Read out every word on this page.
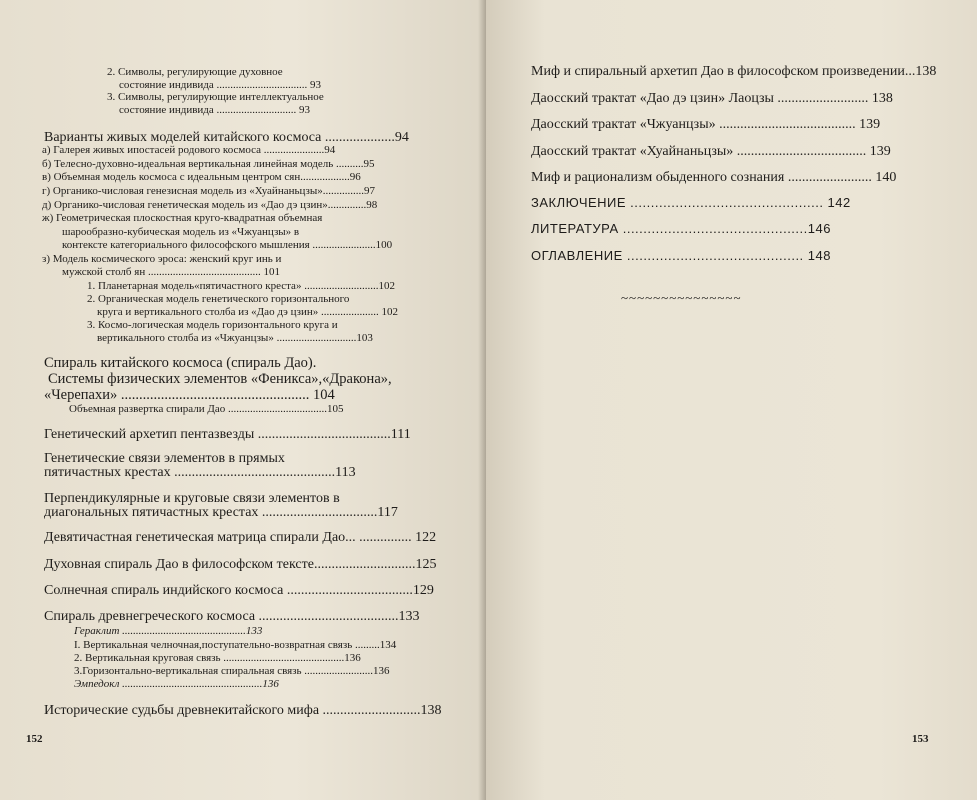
2. Символы, регулирующие духовное
состояние индивида ................................. 93
3. Символы, регулирующие интеллектуальное
состояние индивида ............................. 93
Варианты живых моделей китайского космоса ....................94
а) Галерея живых ипостасей родового космоса ......................94
б) Телесно-духовно-идеальная вертикальная линейная модель ..........95
в) Объемная модель космоса с идеальным центром сян..................96
г) Органико-числовая генезисная модель из «Хуайнаньцзы»...............97
д) Органико-числовая генетическая модель из «Дао дэ цзин»..............98
ж) Геометрическая плоскостная круго-квадратная объемная
шарообразно-кубическая модель из «Чжуанцзы» в
контексте категориального философского мышления .......................100
з) Модель космического эроса: женский круг инь и
мужской столб ян ......................................... 101
1. Планетарная модель«пятичастного креста» ...........................102
2. Органическая модель генетического горизонтального
круга и вертикального столба из «Дао дэ цзин» ..................... 102
3. Космо-логическая модель горизонтального круга и
вертикального столба из «Чжуанцзы» .............................103
Спираль китайского космоса (спираль Дао).
Системы физических элементов «Феникса»,«Дракона»,
«Черепахи» .................................................... 104
Объемная развертка спирали Дао ....................................105
Генетический архетип пентазвезды ......................................111
Генетические связи элементов в прямых
пятичастных крестах ..............................................113
Перпендикулярные и круговые связи элементов в
диагональных пятичастных крестах .................................117
Девятичастная генетическая матрица спирали Дао... ............... 122
Духовная спираль Дао в философском тексте.............................125
Солнечная спираль индийского космоса ....................................129
Спираль древнегреческого космоса ........................................133
Гераклит .............................................133
I. Вертикальная челночная,поступательно-возвратная связь .........134
2. Вертикальная круговая связь ............................................136
3.Горизонтально-вертикальная спиральная связь .........................136
Эмпедокл ...................................................136
Исторические судьбы древнекитайского мифа ............................138
152
Миф и спиральный архетип Дао в философском произведении...138
Даосский трактат «Дао дэ цзин» Лаоцзы .......................... 138
Даосский трактат «Чжуанцзы» ....................................... 139
Даосский трактат «Хуайнаньцзы» ..................................... 139
Миф и рационализм обыденного сознания ........................ 140
ЗАКЛЮЧЕНИЕ ............................................... 142
ЛИТЕРАТУРА .............................................146
ОГЛАВЛЕНИЕ ........................................... 148
~~~~~~~~~~~~~~~
153
